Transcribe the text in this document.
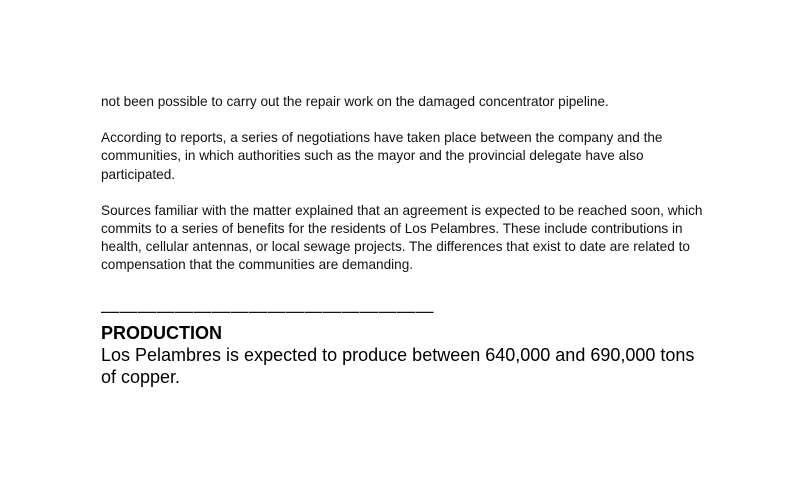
not been possible to carry out the repair work on the damaged concentrator pipeline.

According to reports, a series of negotiations have taken place between the company and the communities, in which authorities such as the mayor and the provincial delegate have also participated.

Sources familiar with the matter explained that an agreement is expected to be reached soon, which commits to a series of benefits for the residents of Los Pelambres. These include contributions in health, cellular antennas, or local sewage projects. The differences that exist to date are related to compensation that the communities are demanding.

——————————————————
PRODUCTION

Los Pelambres is expected to produce between 640,000 and 690,000 tons of copper.
